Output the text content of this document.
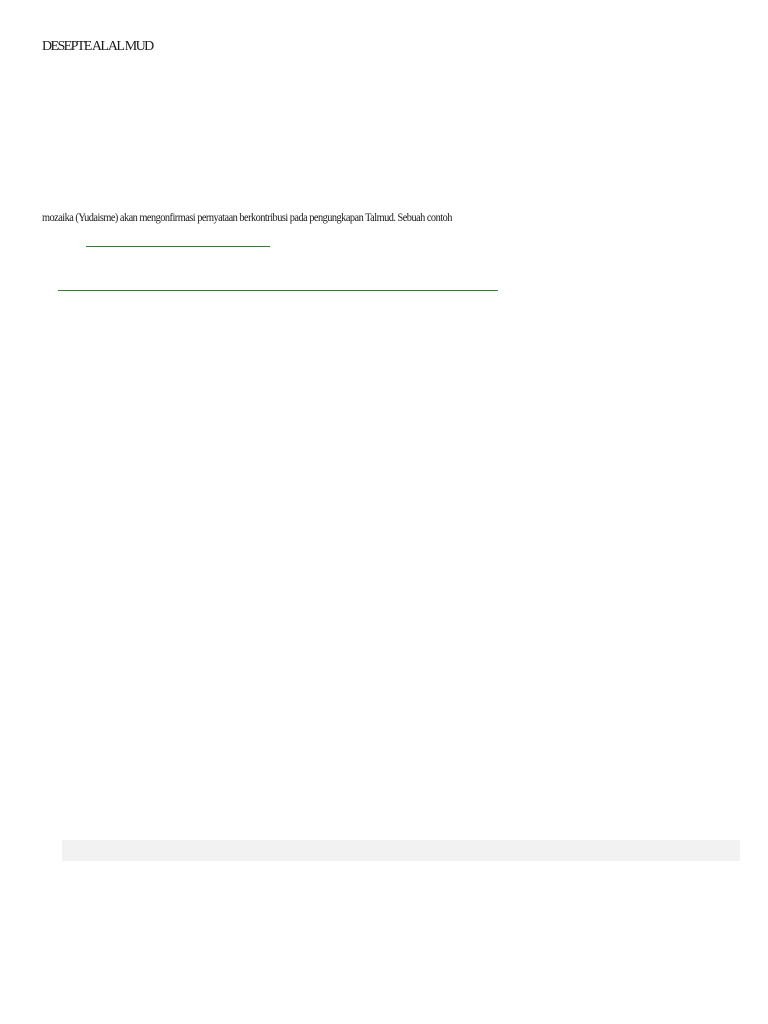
DESEPTE AL AL MUD
mozaika (Yudaisme) akan mengonfirmasi pernyataan berkontribusi pada pengungkapan Talmud. Sebuah contoh
